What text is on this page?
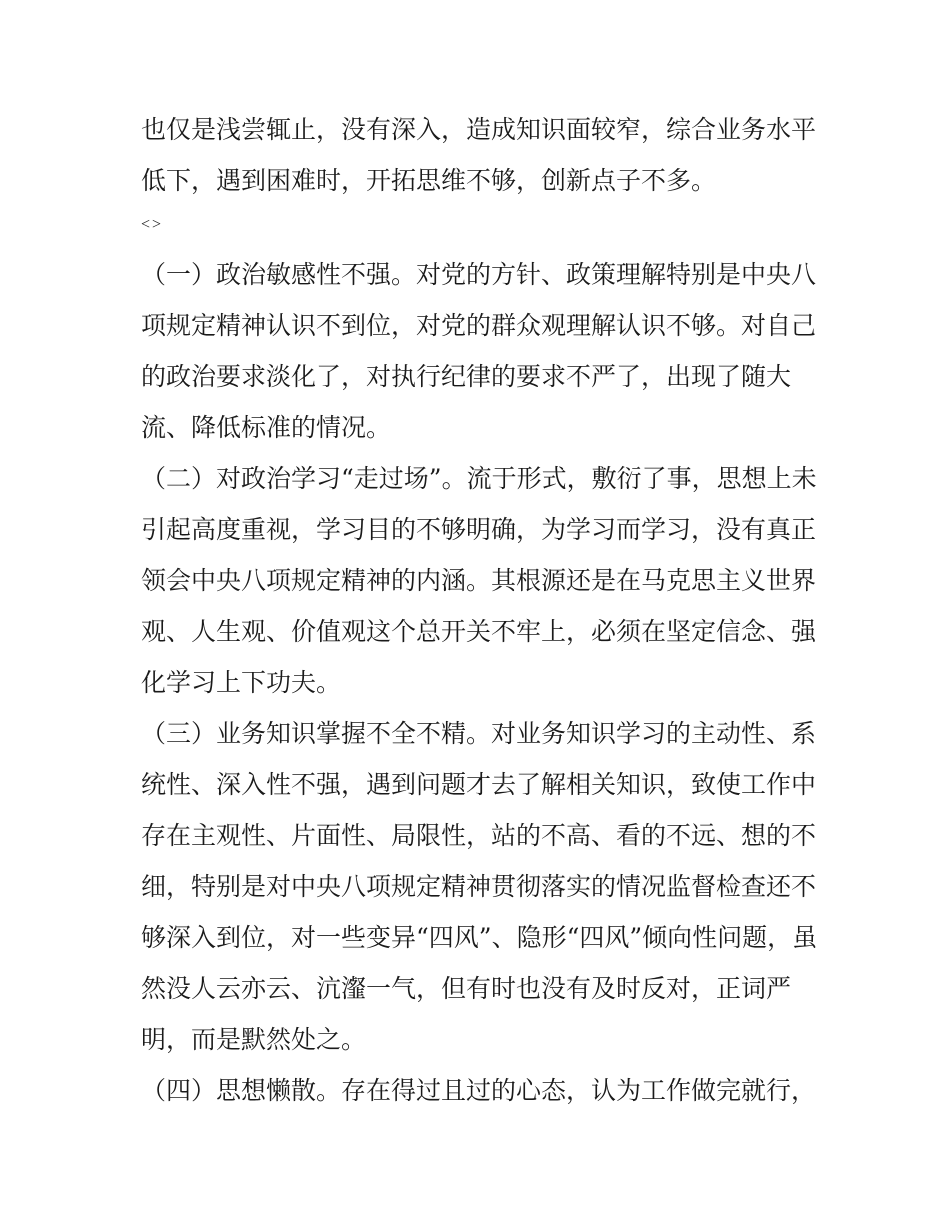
也仅是浅尝辄止，没有深入，造成知识面较窄，综合业务水平
低下，遇到困难时，开拓思维不够，创新点子不多。
<>
（一）政治敏感性不强。对党的方针、政策理解特别是中央八
项规定精神认识不到位，对党的群众观理解认识不够。对自己
的政治要求淡化了，对执行纪律的要求不严了，出现了随大
流、降低标准的情况。
（二）对政治学习“走过场”。流于形式，敷衍了事，思想上未
引起高度重视，学习目的不够明确，为学习而学习，没有真正
领会中央八项规定精神的内涵。其根源还是在马克思主义世界
观、人生观、价值观这个总开关不牢上，必须在坚定信念、强
化学习上下功夫。
（三）业务知识掌握不全不精。对业务知识学习的主动性、系
统性、深入性不强，遇到问题才去了解相关知识，致使工作中
存在主观性、片面性、局限性，站的不高、看的不远、想的不
细，特别是对中央八项规定精神贯彻落实的情况监督检查还不
够深入到位，对一些变异“四风”、隐形“四风”倾向性问题，虽
然没人云亦云、沆瀣一气，但有时也没有及时反对，正词严
明，而是默然处之。
（四）思想懒散。存在得过且过的心态，认为工作做完就行，
